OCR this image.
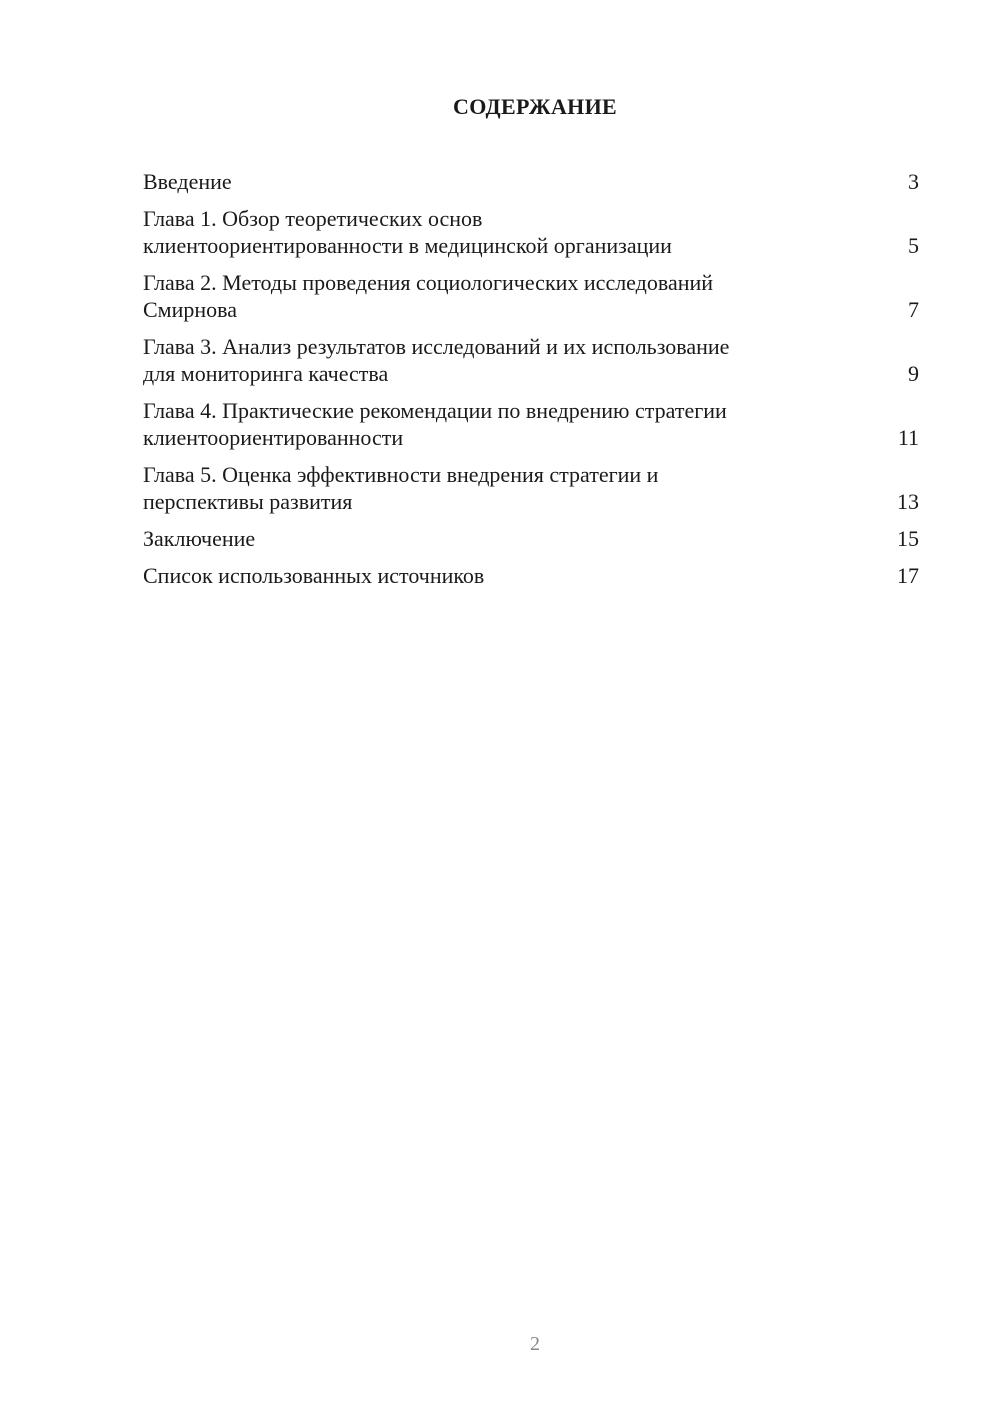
СОДЕРЖАНИЕ
Введение	3
Глава 1. Обзор теоретических основ
клиентоориентированности в медицинской организации	5
Глава 2. Методы проведения социологических исследований
Смирнова	7
Глава 3. Анализ результатов исследований и их использование
для мониторинга качества	9
Глава 4. Практические рекомендации по внедрению стратегии
клиентоориентированности	11
Глава 5. Оценка эффективности внедрения стратегии и
перспективы развития	13
Заключение	15
Список использованных источников	17
2
